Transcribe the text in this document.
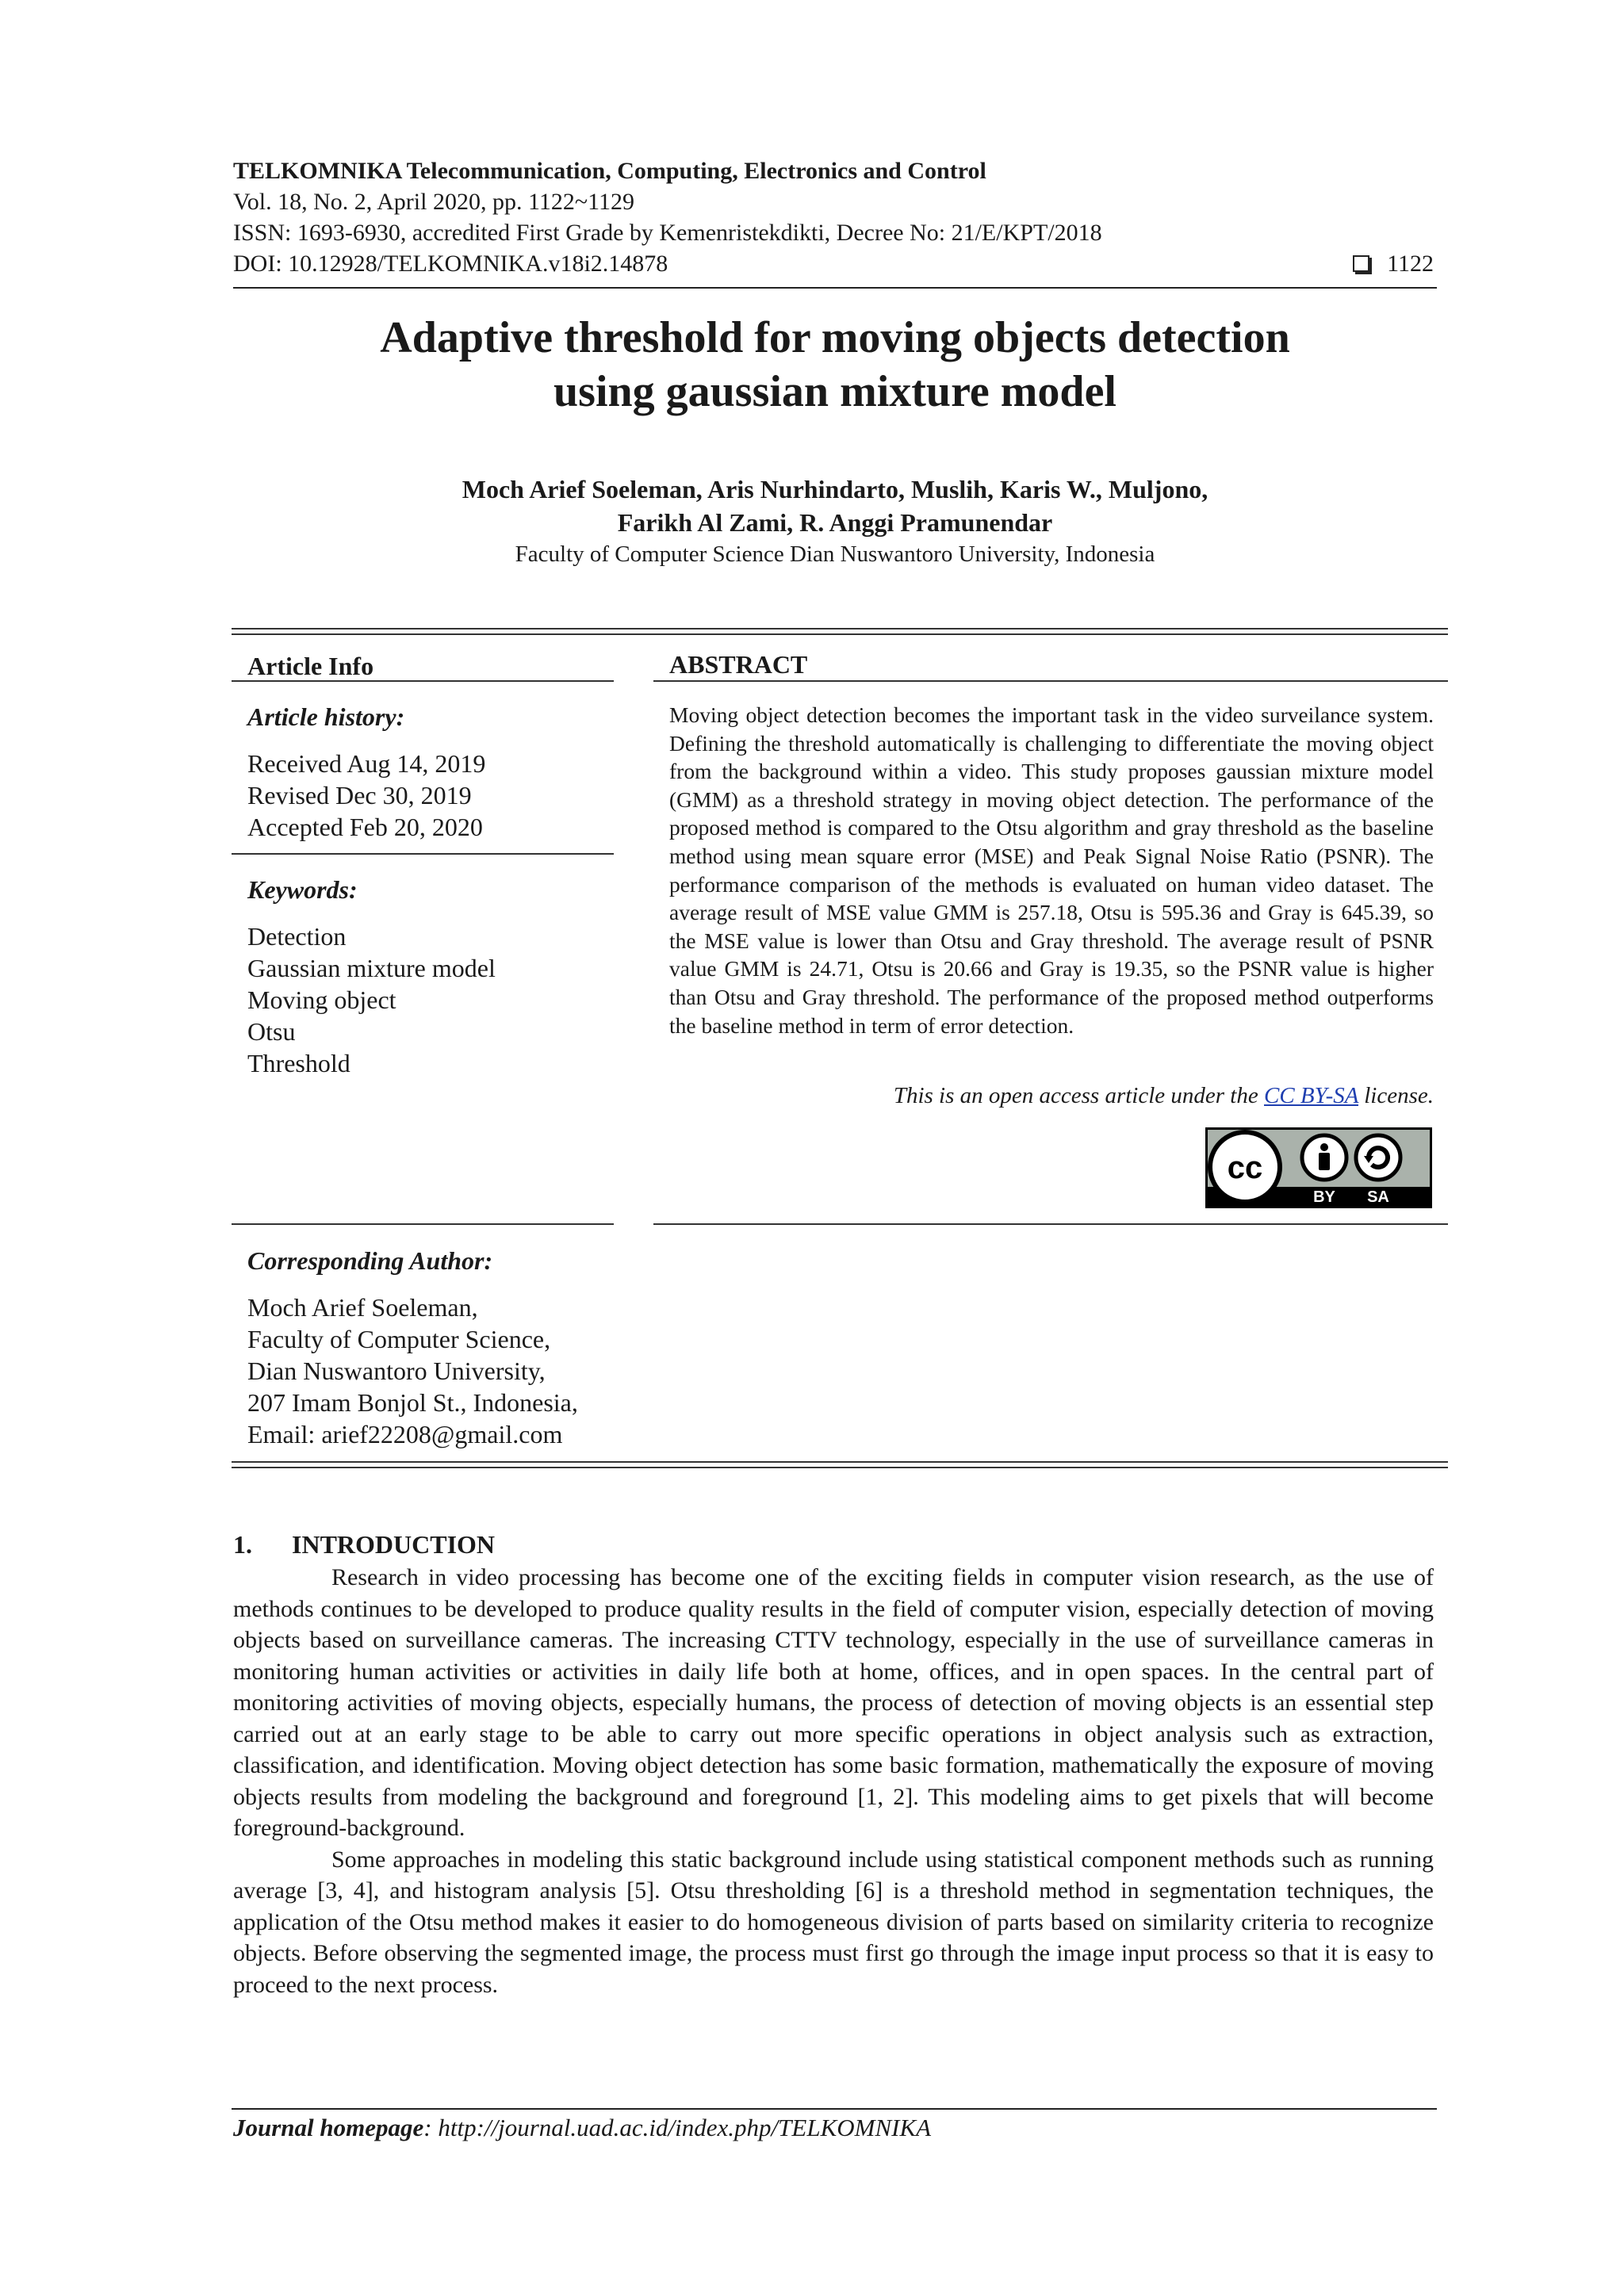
TELKOMNIKA Telecommunication, Computing, Electronics and Control
Vol. 18, No. 2, April 2020, pp. 1122~1129
ISSN: 1693-6930, accredited First Grade by Kemenristekdikti, Decree No: 21/E/KPT/2018
DOI: 10.12928/TELKOMNIKA.v18i2.14878	1122
Adaptive threshold for moving objects detection
using gaussian mixture model
Moch Arief Soeleman, Aris Nurhindarto, Muslih, Karis W., Muljono,
Farikh Al Zami, R. Anggi Pramunendar
Faculty of Computer Science Dian Nuswantoro University, Indonesia
Article Info
Article history:
Received Aug 14, 2019
Revised Dec 30, 2019
Accepted Feb 20, 2020
Keywords:
Detection
Gaussian mixture model
Moving object
Otsu
Threshold
Corresponding Author:
Moch Arief Soeleman,
Faculty of Computer Science,
Dian Nuswantoro University,
207 Imam Bonjol St., Indonesia,
Email: arief22208@gmail.com
ABSTRACT
Moving object detection becomes the important task in the video surveilance system. Defining the threshold automatically is challenging to differentiate the moving object from the background within a video. This study proposes gaussian mixture model (GMM) as a threshold strategy in moving object detection. The performance of the proposed method is compared to the Otsu algorithm and gray threshold as the baseline method using mean square error (MSE) and Peak Signal Noise Ratio (PSNR). The performance comparison of the methods is evaluated on human video dataset. The average result of MSE value GMM is 257.18, Otsu is 595.36 and Gray is 645.39, so the MSE value is lower than Otsu and Gray threshold. The average result of PSNR value GMM is 24.71, Otsu is 20.66 and Gray is 19.35, so the PSNR value is higher than Otsu and Gray threshold. The performance of the proposed method outperforms the baseline method in term of error detection.
This is an open access article under the CC BY-SA license.
cc
BY SA
1. INTRODUCTION

Research in video processing has become one of the exciting fields in computer vision research, as the use of methods continues to be developed to produce quality results in the field of computer vision, especially detection of moving objects based on surveillance cameras. The increasing CTTV technology, especially in the use of surveillance cameras in monitoring human activities or activities in daily life both at home, offices, and in open spaces. In the central part of monitoring activities of moving objects, especially humans, the process of detection of moving objects is an essential step carried out at an early stage to be able to carry out more specific operations in object analysis such as extraction, classification, and identification. Moving object detection has some basic formation, mathematically the exposure of moving objects results from modeling the background and foreground [1, 2]. This modeling aims to get pixels that will become foreground-background.

Some approaches in modeling this static background include using statistical component methods such as running average [3, 4], and histogram analysis [5]. Otsu thresholding [6] is a threshold method in segmentation techniques, the application of the Otsu method makes it easier to do homogeneous division of parts based on similarity criteria to recognize objects. Before observing the segmented image, the process must first go through the image input process so that it is easy to proceed to the next process.

Journal homepage: http://journal.uad.ac.id/index.php/TELKOMNIKA
